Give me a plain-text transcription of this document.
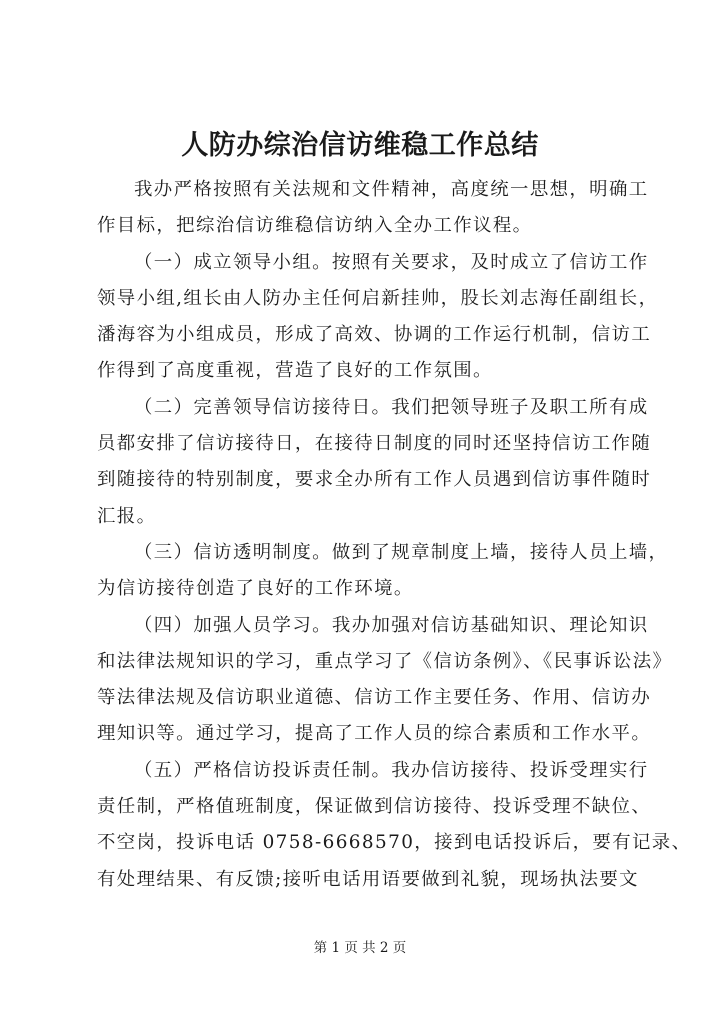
人防办综治信访维稳工作总结
我办严格按照有关法规和文件精神，高度统一思想，明确工
作目标，把综治信访维稳信访纳入全办工作议程。
（一）成立领导小组。按照有关要求，及时成立了信访工作
领导小组,组长由人防办主任何启新挂帅，股长刘志海任副组长，
潘海容为小组成员，形成了高效、协调的工作运行机制，信访工
作得到了高度重视，营造了良好的工作氛围。
（二）完善领导信访接待日。我们把领导班子及职工所有成
员都安排了信访接待日，在接待日制度的同时还坚持信访工作随
到随接待的特别制度，要求全办所有工作人员遇到信访事件随时
汇报。
（三）信访透明制度。做到了规章制度上墙，接待人员上墙，
为信访接待创造了良好的工作环境。
（四）加强人员学习。我办加强对信访基础知识、理论知识
和法律法规知识的学习，重点学习了《信访条例》、《民事诉讼法》
等法律法规及信访职业道德、信访工作主要任务、作用、信访办
理知识等。通过学习，提高了工作人员的综合素质和工作水平。
（五）严格信访投诉责任制。我办信访接待、投诉受理实行
责任制，严格值班制度，保证做到信访接待、投诉受理不缺位、
不空岗，投诉电话 0758-6668570，接到电话投诉后，要有记录、
有处理结果、有反馈;接听电话用语要做到礼貌，现场执法要文
第 1 页 共 2 页
